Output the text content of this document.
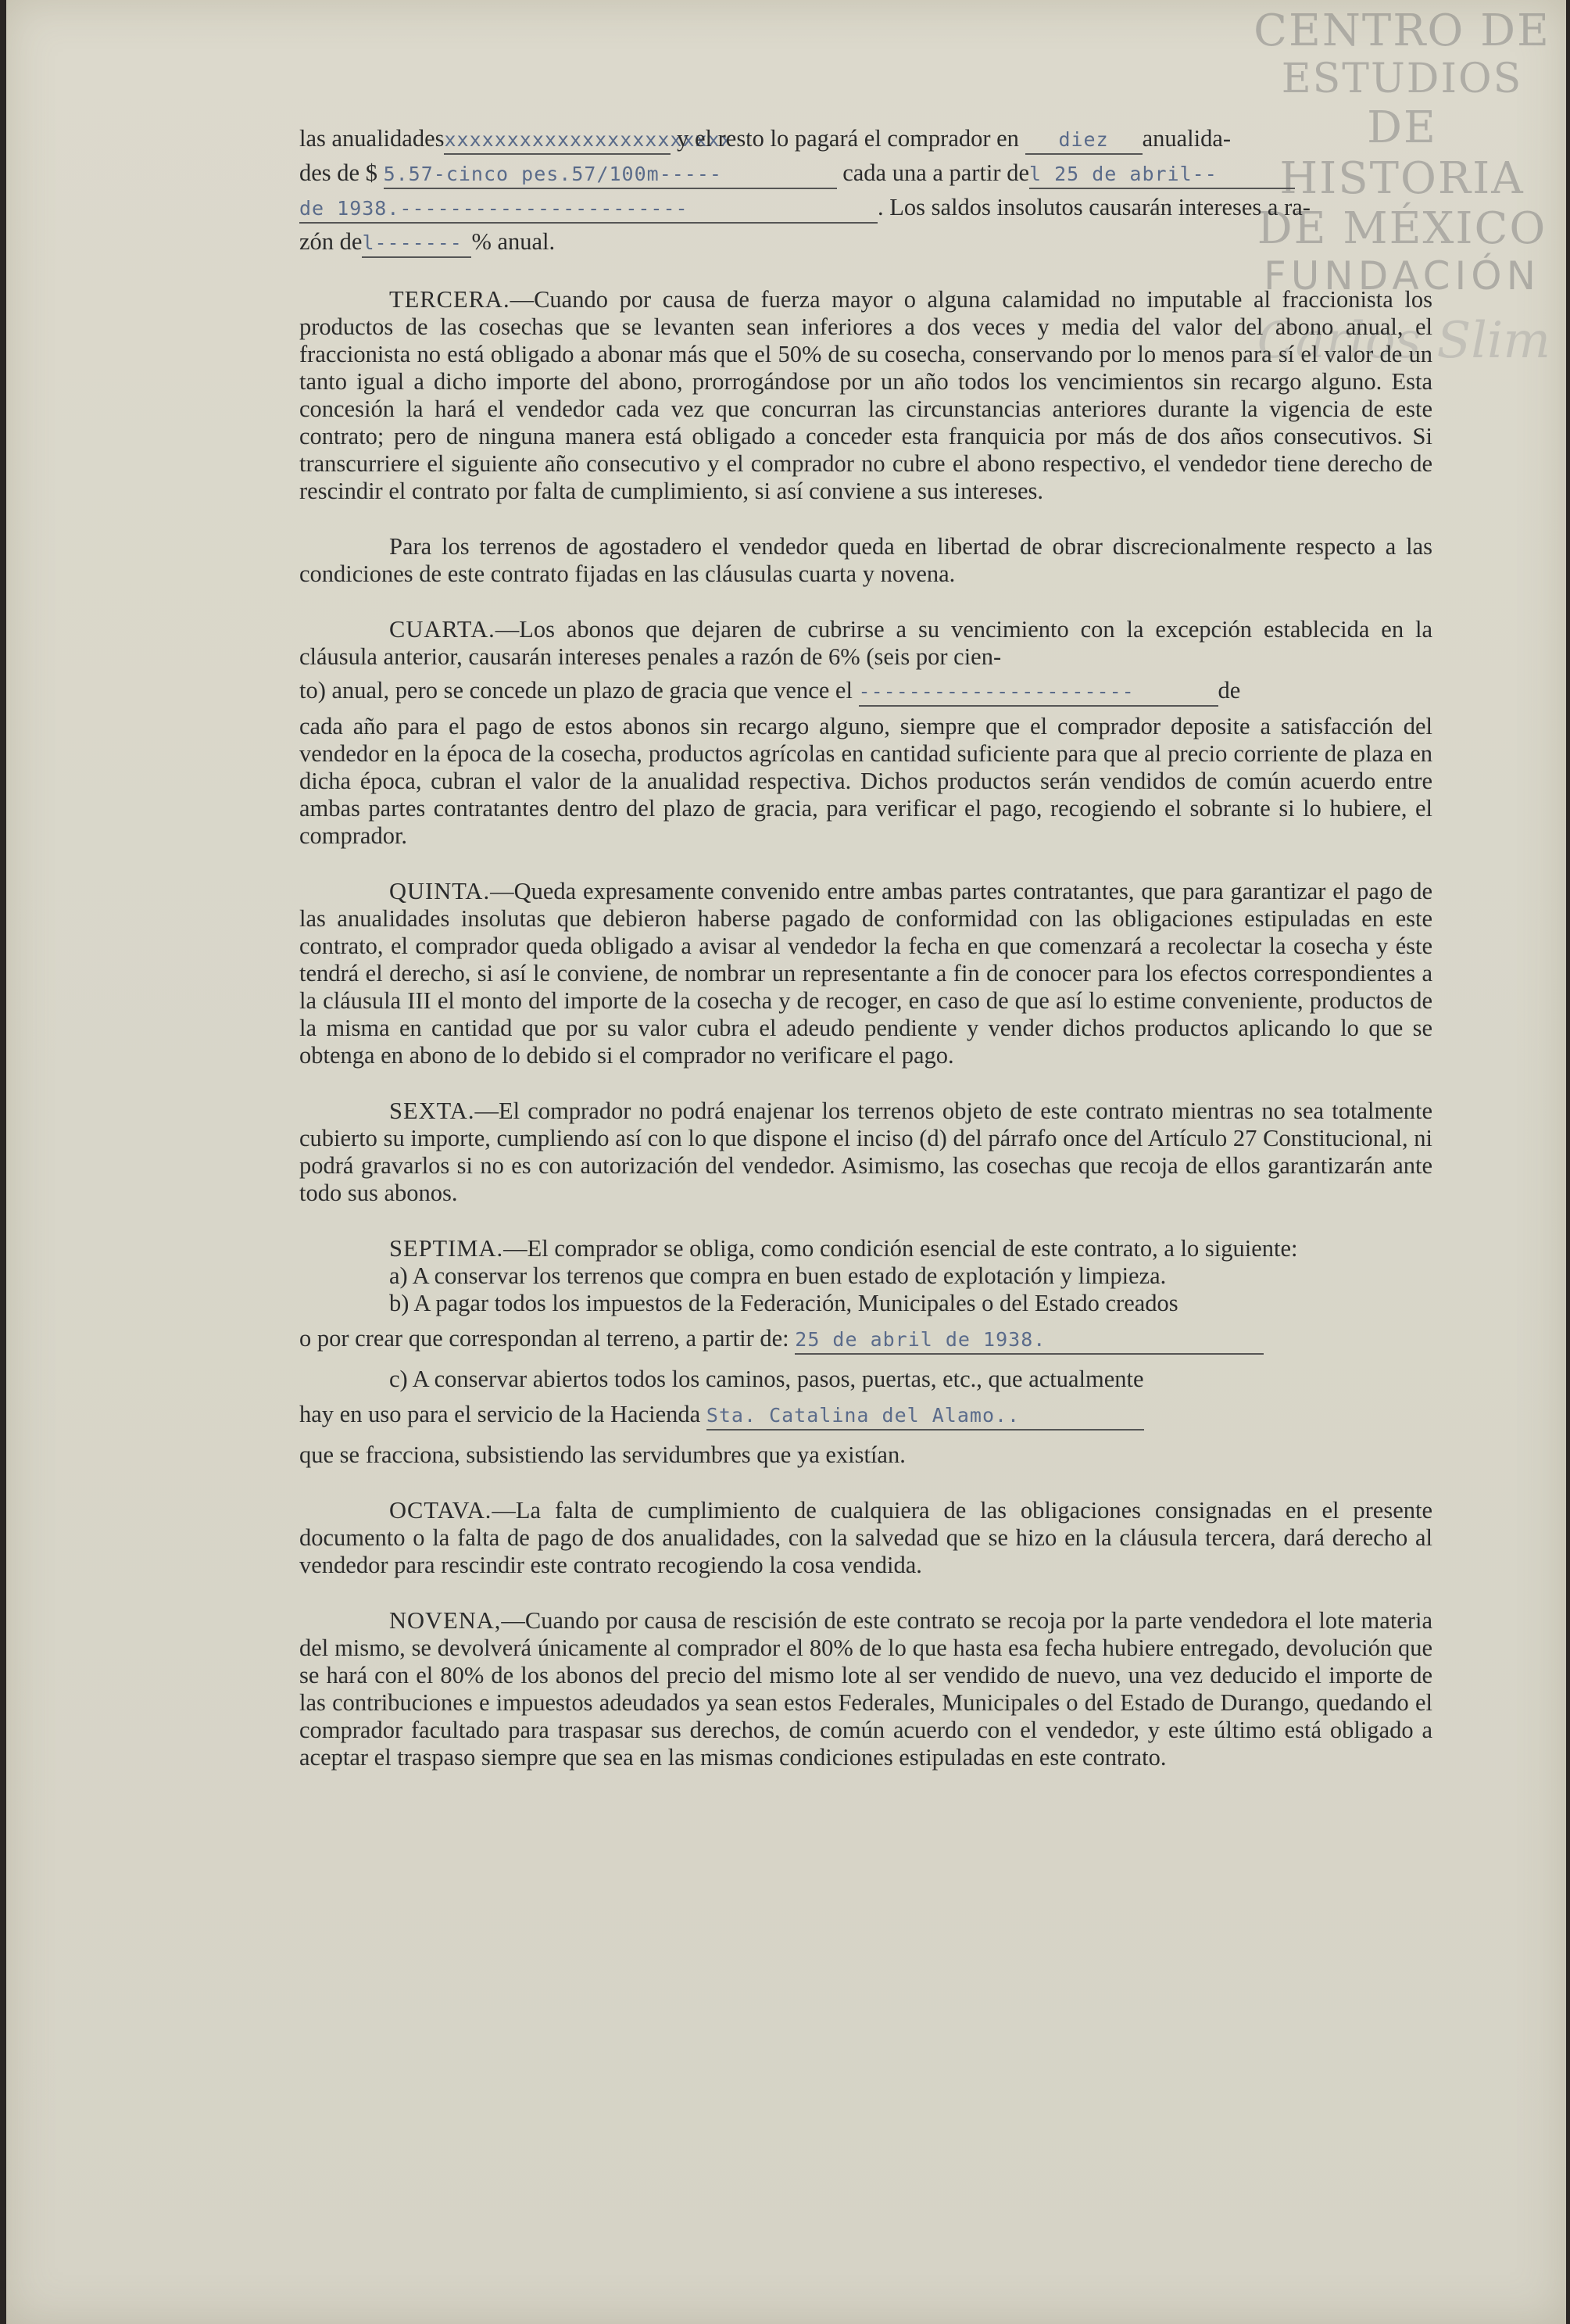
CENTRO DE
ESTUDIOS
DE HISTORIA
DE MÉXICO
FUNDACIÓN
Carlos Slim
las anualidadesxxxxxxxxxxxxxxxxxxxxxxx y el resto lo pagará el comprador en diez anualida-
des de $ 5.57-cinco pes.57/100m-----	cada una a partir del 25 de abril--
de 1938.-----------------------	. Los saldos insolutos causarán intereses a ra-
zón del------- % anual.

TERCERA.—Cuando por causa de fuerza mayor o alguna calamidad no imputable al fraccionista los productos de las cosechas que se levanten sean inferiores a dos veces y media del valor del abono anual, el fraccionista no está obligado a abonar más que el 50% de su cosecha, conservando por lo menos para sí el valor de un tanto igual a dicho importe del abono, prorrogándose por un año todos los vencimientos sin recargo alguno. Esta concesión la hará el vendedor cada vez que concurran las circunstancias anteriores durante la vigencia de este contrato; pero de ninguna manera está obligado a conceder esta franquicia por más de dos años consecutivos. Si transcurriere el siguiente año consecutivo y el comprador no cubre el abono respectivo, el vendedor tiene derecho de rescindir el contrato por falta de cumplimiento, si así conviene a sus intereses.

Para los terrenos de agostadero el vendedor queda en libertad de obrar discrecionalmente respecto a las condiciones de este contrato fijadas en las cláusulas cuarta y novena.

CUARTA.—Los abonos que dejaren de cubrirse a su vencimiento con la excepción establecida en la cláusula anterior, causarán intereses penales a razón de 6% (seis por cien-

to) anual, pero se concede un plazo de gracia que vence el ----------------------	de

cada año para el pago de estos abonos sin recargo alguno, siempre que el comprador deposite a satisfacción del vendedor en la época de la cosecha, productos agrícolas en cantidad suficiente para que al precio corriente de plaza en dicha época, cubran el valor de la anualidad respectiva. Dichos productos serán vendidos de común acuerdo entre ambas partes contratantes dentro del plazo de gracia, para verificar el pago, recogiendo el sobrante si lo hubiere, el comprador.

QUINTA.—Queda expresamente convenido entre ambas partes contratantes, que para garantizar el pago de las anualidades insolutas que debieron haberse pagado de conformidad con las obligaciones estipuladas en este contrato, el comprador queda obligado a avisar al vendedor la fecha en que comenzará a recolectar la cosecha y éste tendrá el derecho, si así le conviene, de nombrar un representante a fin de conocer para los efectos correspondientes a la cláusula III el monto del importe de la cosecha y de recoger, en caso de que así lo estime conveniente, productos de la misma en cantidad que por su valor cubra el adeudo pendiente y vender dichos productos aplicando lo que se obtenga en abono de lo debido si el comprador no verificare el pago.

SEXTA.—El comprador no podrá enajenar los terrenos objeto de este contrato mientras no sea totalmente cubierto su importe, cumpliendo así con lo que dispone el inciso (d) del párrafo once del Artículo 27 Constitucional, ni podrá gravarlos si no es con autorización del vendedor. Asimismo, las cosechas que recoja de ellos garantizarán ante todo sus abonos.

SEPTIMA.—El comprador se obliga, como condición esencial de este contrato, a lo siguiente:

a) A conservar los terrenos que compra en buen estado de explotación y limpieza.

b) A pagar todos los impuestos de la Federación, Municipales o del Estado creados

o por crear que correspondan al terreno, a partir de: 25 de abril de 1938.

c) A conservar abiertos todos los caminos, pasos, puertas, etc., que actualmente

hay en uso para el servicio de la Hacienda Sta. Catalina del Alamo..

que se fracciona, subsistiendo las servidumbres que ya existían.

OCTAVA.—La falta de cumplimiento de cualquiera de las obligaciones consignadas en el presente documento o la falta de pago de dos anualidades, con la salvedad que se hizo en la cláusula tercera, dará derecho al vendedor para rescindir este contrato recogiendo la cosa vendida.

NOVENA,—Cuando por causa de rescisión de este contrato se recoja por la parte vendedora el lote materia del mismo, se devolverá únicamente al comprador el 80% de lo que hasta esa fecha hubiere entregado, devolución que se hará con el 80% de los abonos del precio del mismo lote al ser vendido de nuevo, una vez deducido el importe de las contribuciones e impuestos adeudados ya sean estos Federales, Municipales o del Estado de Durango, quedando el comprador facultado para traspasar sus derechos, de común acuerdo con el vendedor, y este último está obligado a aceptar el traspaso siempre que sea en las mismas condiciones estipuladas en este contrato.
